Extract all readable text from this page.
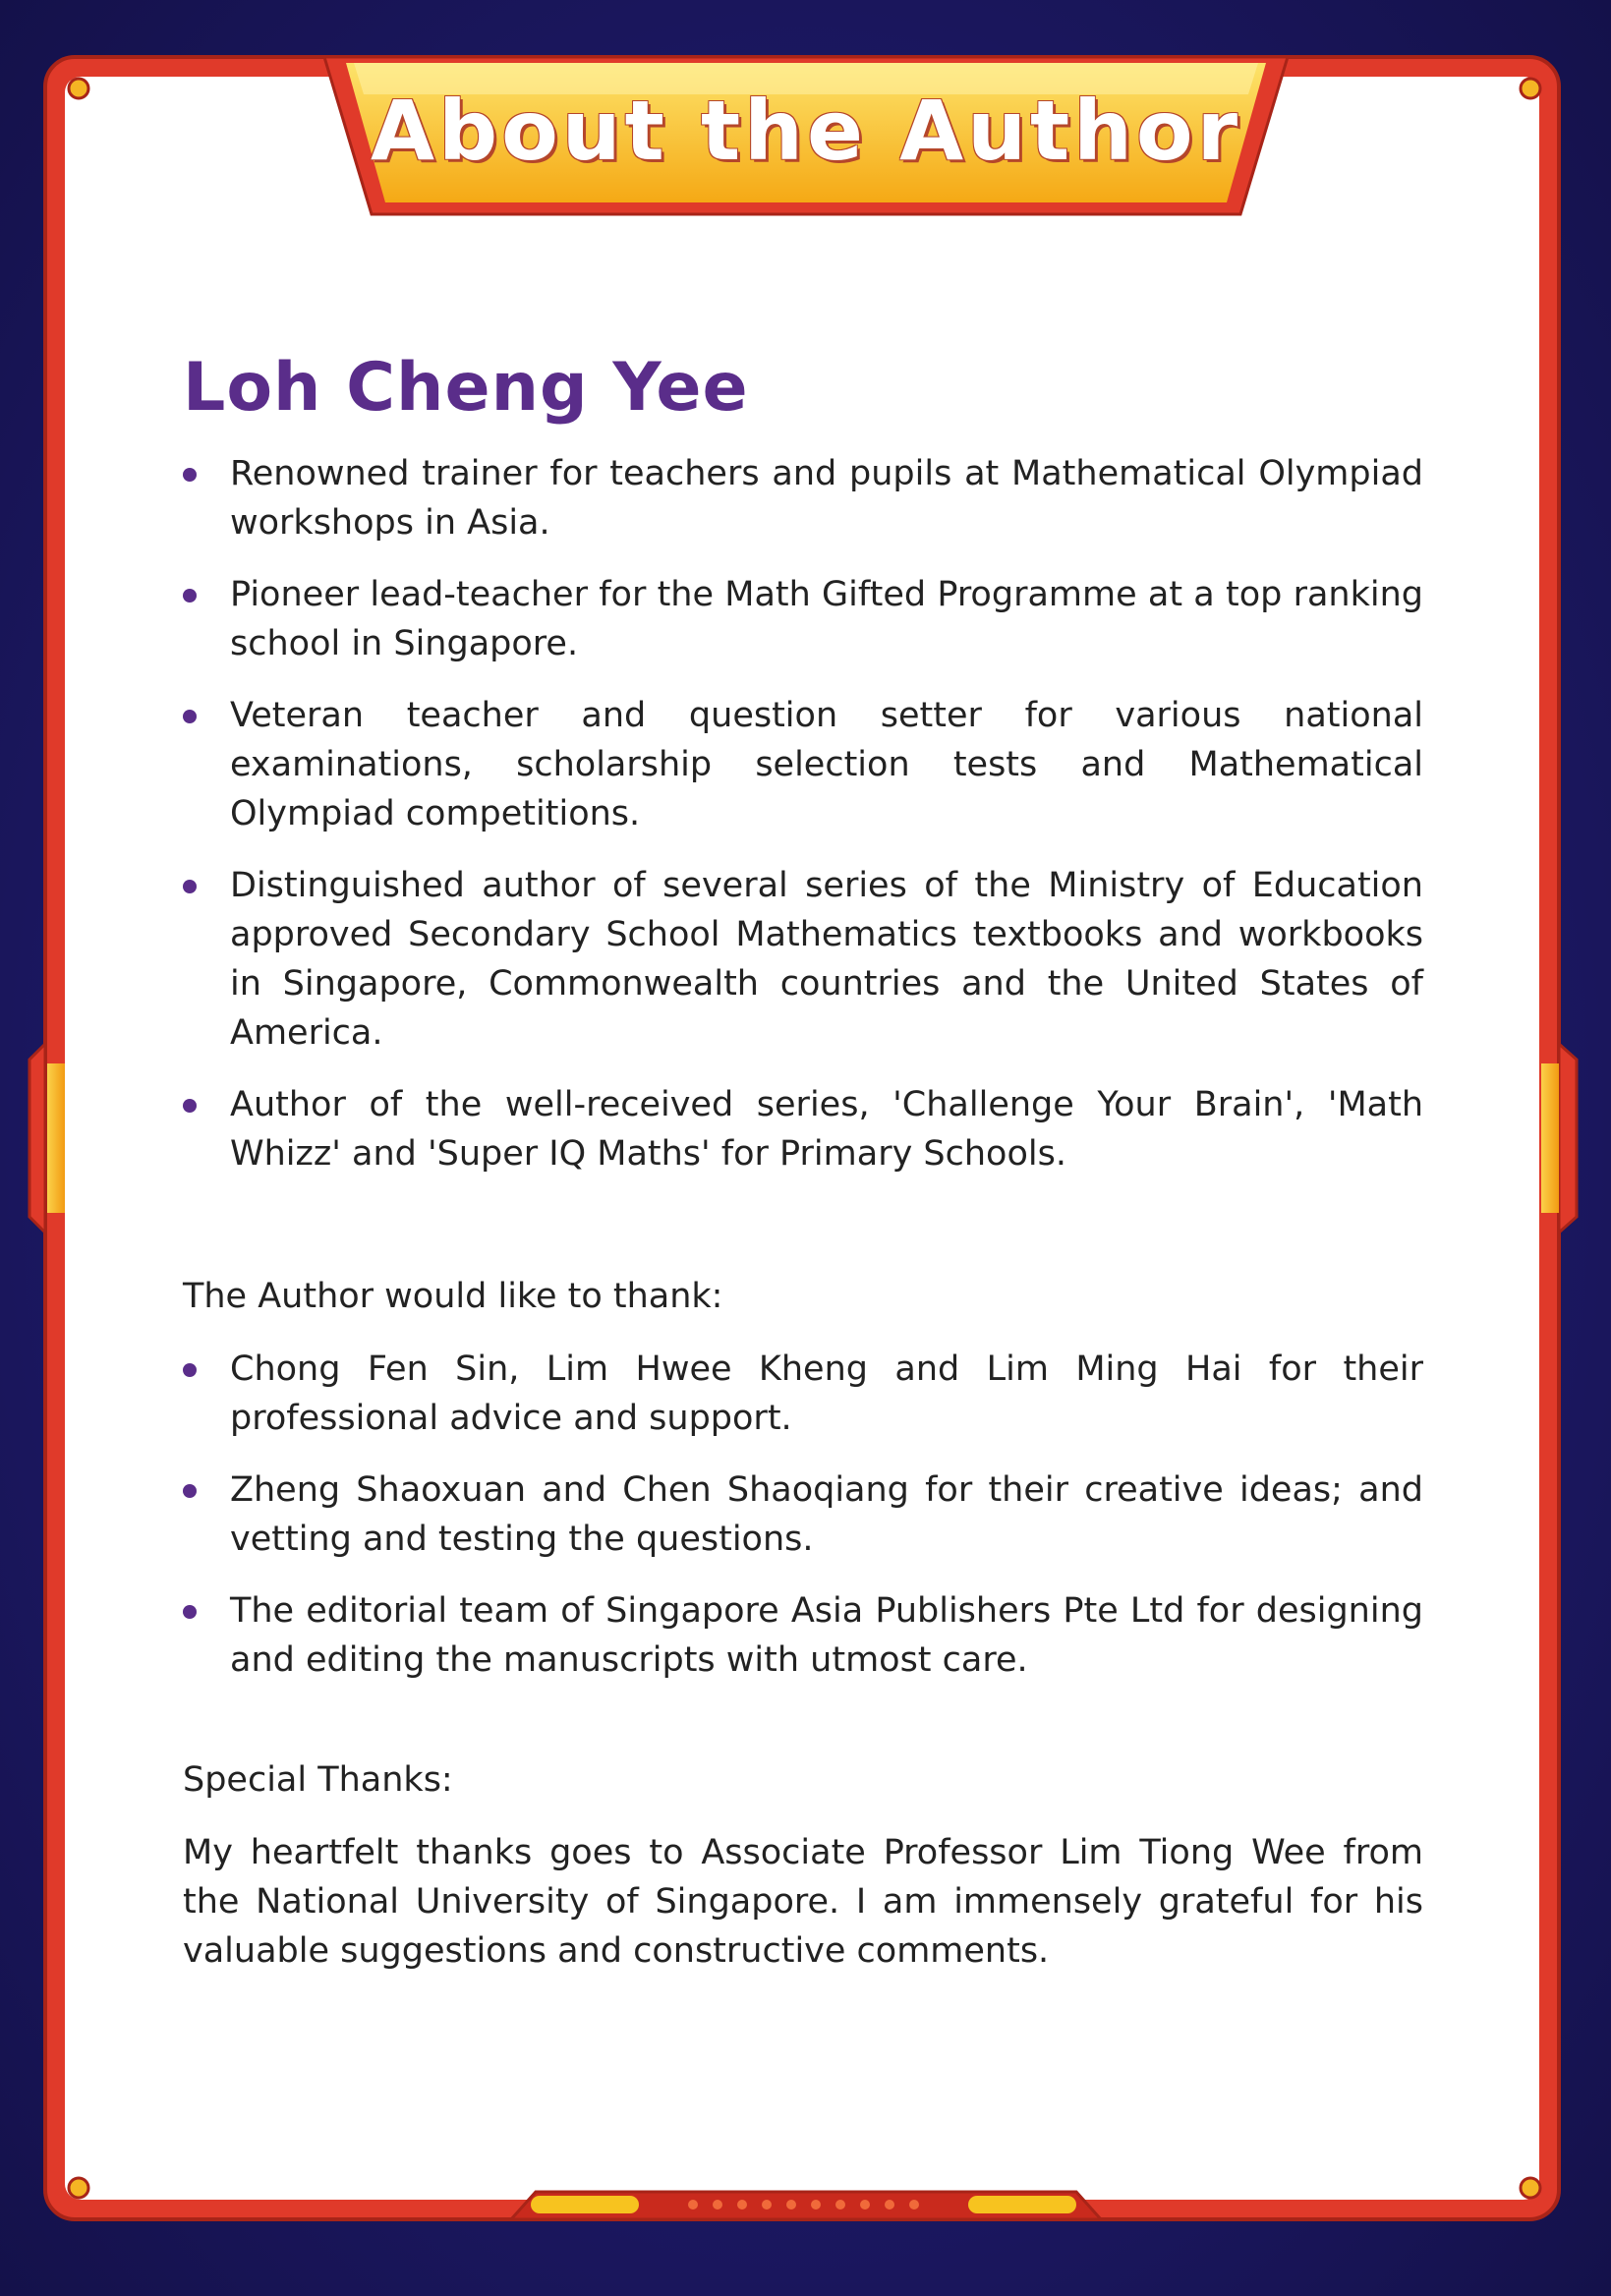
About the Author
Loh Cheng Yee
Renowned trainer for teachers and pupils at Mathematical Olympiad workshops in Asia.
Pioneer lead-teacher for the Math Gifted Programme at a top ranking school in Singapore.
Veteran teacher and question setter for various national examinations, scholarship selection tests and Mathematical Olympiad competitions.
Distinguished author of several series of the Ministry of Education approved Secondary School Mathematics textbooks and workbooks in Singapore, Commonwealth countries and the United States of America.
Author of the well-received series, 'Challenge Your Brain', 'Math Whizz' and 'Super IQ Maths' for Primary Schools.

The Author would like to thank:

Chong Fen Sin, Lim Hwee Kheng and Lim Ming Hai for their professional advice and support.
Zheng Shaoxuan and Chen Shaoqiang for their creative ideas; and vetting and testing the questions.
The editorial team of Singapore Asia Publishers Pte Ltd for designing and editing the manuscripts with utmost care.

Special Thanks:

My heartfelt thanks goes to Associate Professor Lim Tiong Wee from the National University of Singapore. I am immensely grateful for his valuable suggestions and constructive comments.
